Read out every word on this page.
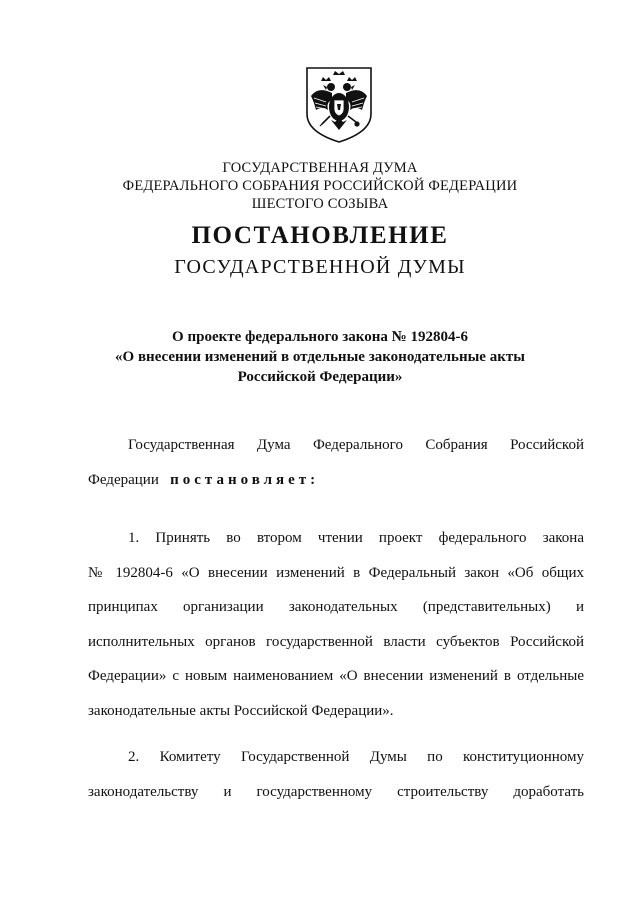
ГОСУДАРСТВЕННАЯ ДУМА
ФЕДЕРАЛЬНОГО СОБРАНИЯ РОССИЙСКОЙ ФЕДЕРАЦИИ
ШЕСТОГО СОЗЫВА
ПОСТАНОВЛЕНИЕ
ГОСУДАРСТВЕННОЙ ДУМЫ
О проекте федерального закона № 192804-6
«О внесении изменений в отдельные законодательные акты
Российской Федерации»
Государственная Дума Федерального Собрания Российской
Федерации постановляет:
1. Принять во втором чтении проект федерального закона
№ 192804-6 «О внесении изменений в Федеральный закон «Об общих
принципах организации законодательных (представительных) и
исполнительных органов государственной власти субъектов Российской
Федерации» с новым наименованием «О внесении изменений в отдельные
законодательные акты Российской Федерации».
2. Комитету Государственной Думы по конституционному
законодательству и государственному строительству доработать
